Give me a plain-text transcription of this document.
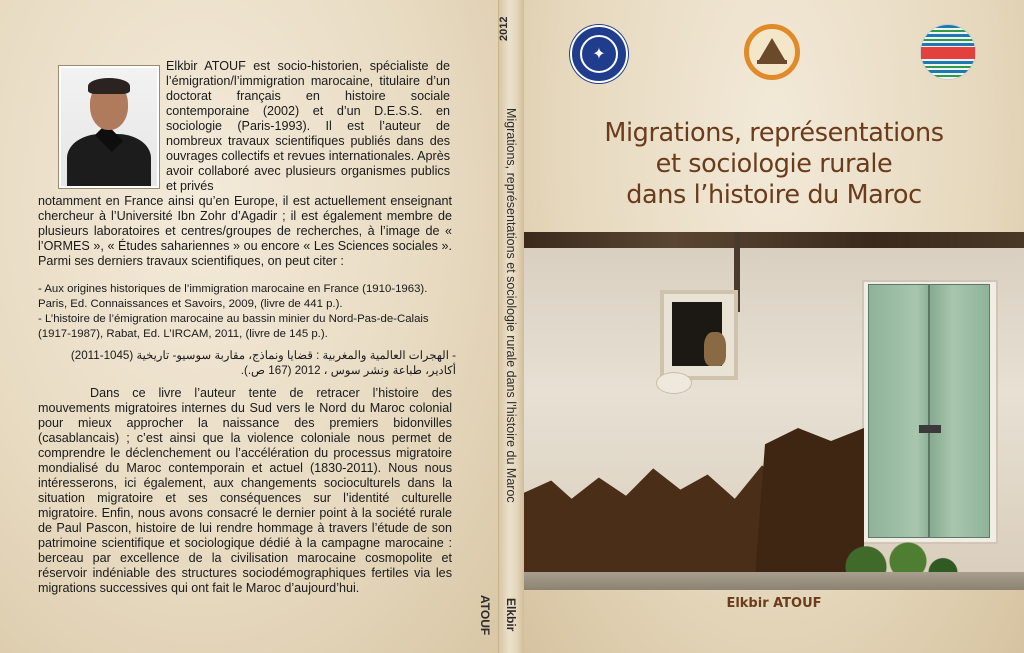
Elkbir ATOUF est socio-historien, spécialiste de l’émigration/l’immigration marocaine, titulaire d’un doctorat français en histoire sociale contemporaine (2002) et d’un D.E.S.S. en sociologie (Paris-1993). Il est l’auteur de nombreux travaux scientifiques publiés dans des ouvrages collectifs et revues internationales. Après avoir collaboré avec plusieurs organismes publics et privés
notamment en France ainsi qu’en Europe, il est actuellement enseignant chercheur à l’Université Ibn Zohr d’Agadir ; il est également membre de plusieurs laboratoires et centres/groupes de recherches, à l’image de « l’ORMES », « Études sahariennes » ou encore « Les Sciences sociales ». Parmi ses derniers travaux scientifiques, on peut citer :
- Aux origines historiques de l’immigration marocaine en France (1910-1963). Paris, Ed. Connaissances et Savoirs, 2009, (livre de 441 p.).
- L’histoire de l’émigration marocaine au bassin minier du Nord-Pas-de-Calais (1917-1987), Rabat, Ed. L’IRCAM, 2011, (livre de 145 p.).
- الهجرات العالمية والمغربية : قضايا ونماذج، مقاربة سوسيو- تاريخية (1045-2011) أكادير، طباعة ونشر سوس ، 2012 (167 ص.).
Dans ce livre l’auteur tente de retracer l’histoire des mouvements migratoires internes du Sud vers le Nord du Maroc colonial pour mieux approcher la naissance des premiers bidonvilles (casablancais) ; c’est ainsi que la violence coloniale nous permet de comprendre le déclenchement ou l’accélération du processus migratoire mondialisé du Maroc contemporain et actuel (1830-2011). Nous nous intéresserons, ici également, aux changements socioculturels dans la situation migratoire et ses conséquences sur l’identité culturelle migratoire. Enfin, nous avons consacré le dernier point à la société rurale de Paul Pascon, histoire de lui rendre hommage à travers l’étude de son patrimoine scientifique et sociologique dédié à la campagne marocaine : berceau par excellence de la civilisation marocaine cosmopolite et réservoir indéniable des structures sociodémographiques fertiles via les migrations successives qui ont fait le Maroc d’aujourd’hui.
2012
Migrations, représentations et sociologie rurale dans l’histoire du Maroc
Elkbir ATOUF
✦
Migrations, représentations
et sociologie rurale
dans l’histoire du Maroc
Elkbir ATOUF
